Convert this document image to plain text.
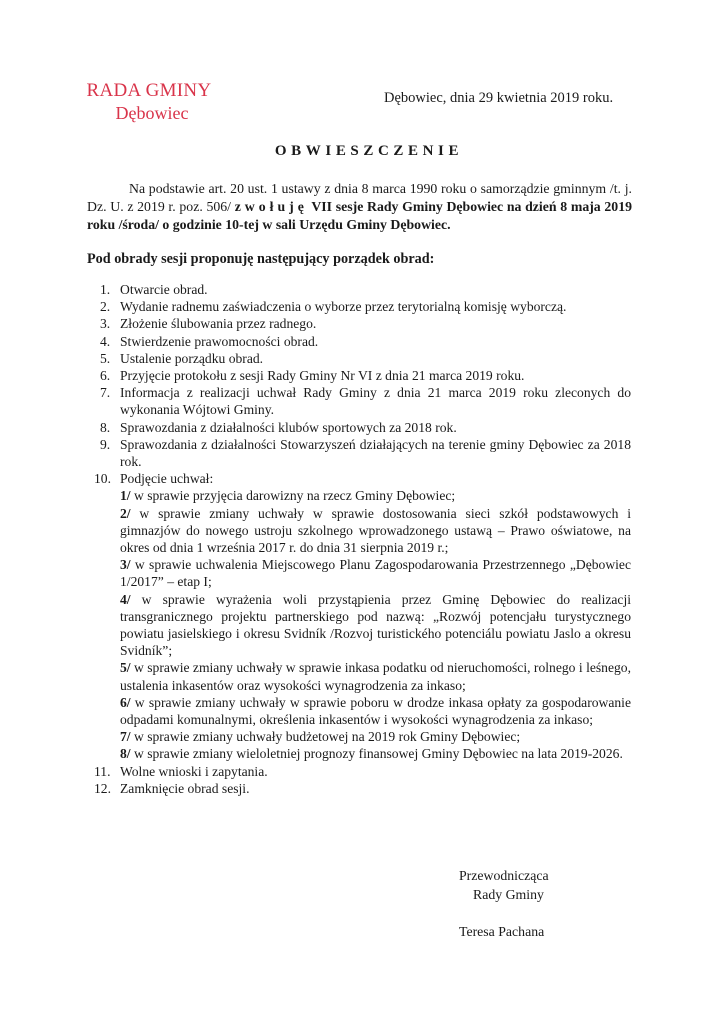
RADA GMINY
Dębowiec
Dębowiec, dnia 29 kwietnia 2019 roku.
OBWIESZCZENIE
Na podstawie art. 20 ust. 1 ustawy z dnia 8 marca 1990 roku o samorządzie gminnym /t. j. Dz. U. z 2019 r. poz. 506/ zwołuję VII sesje Rady Gminy Dębowiec na dzień 8 maja 2019 roku /środa/ o godzinie 10-tej w sali Urzędu Gminy Dębowiec.
Pod obrady sesji proponuję następujący porządek obrad:
1. Otwarcie obrad.
2. Wydanie radnemu zaświadczenia o wyborze przez terytorialną komisję wyborczą.
3. Złożenie ślubowania przez radnego.
4. Stwierdzenie prawomocności obrad.
5. Ustalenie porządku obrad.
6. Przyjęcie protokołu z sesji Rady Gminy Nr VI z dnia 21 marca 2019 roku.
7. Informacja z realizacji uchwał Rady Gminy z dnia 21 marca 2019 roku zleconych do wykonania Wójtowi Gminy.
8. Sprawozdania z działalności klubów sportowych za 2018 rok.
9. Sprawozdania z działalności Stowarzyszeń działających na terenie gminy Dębowiec za 2018 rok.
10. Podjęcie uchwał:
1/ w sprawie przyjęcia darowizny na rzecz Gminy Dębowiec;
2/ w sprawie zmiany uchwały w sprawie dostosowania sieci szkół podstawowych i gimnazjów do nowego ustroju szkolnego wprowadzonego ustawą – Prawo oświatowe, na okres od dnia 1 września 2017 r. do dnia 31 sierpnia 2019 r.;
3/ w sprawie uchwalenia Miejscowego Planu Zagospodarowania Przestrzennego „Dębowiec 1/2017” – etap I;
4/ w sprawie wyrażenia woli przystąpienia przez Gminę Dębowiec do realizacji transgranicznego projektu partnerskiego pod nazwą: „Rozwój potencjału turystycznego powiatu jasielskiego i okresu Svidník /Rozvoj turistického potenciálu powiatu Jaslo a okresu Svidník”;
5/ w sprawie zmiany uchwały w sprawie inkasa podatku od nieruchomości, rolnego i leśnego, ustalenia inkasentów oraz wysokości wynagrodzenia za inkaso;
6/ w sprawie zmiany uchwały w sprawie poboru w drodze inkasa opłaty za gospodarowanie odpadami komunalnymi, określenia inkasentów i wysokości wynagrodzenia za inkaso;
7/ w sprawie zmiany uchwały budżetowej na 2019 rok Gminy Dębowiec;
8/ w sprawie zmiany wieloletniej prognozy finansowej Gminy Dębowiec na lata 2019-2026.
11. Wolne wnioski i zapytania.
12. Zamknięcie obrad sesji.
Przewodnicząca
Rady Gminy
Teresa Pachana
